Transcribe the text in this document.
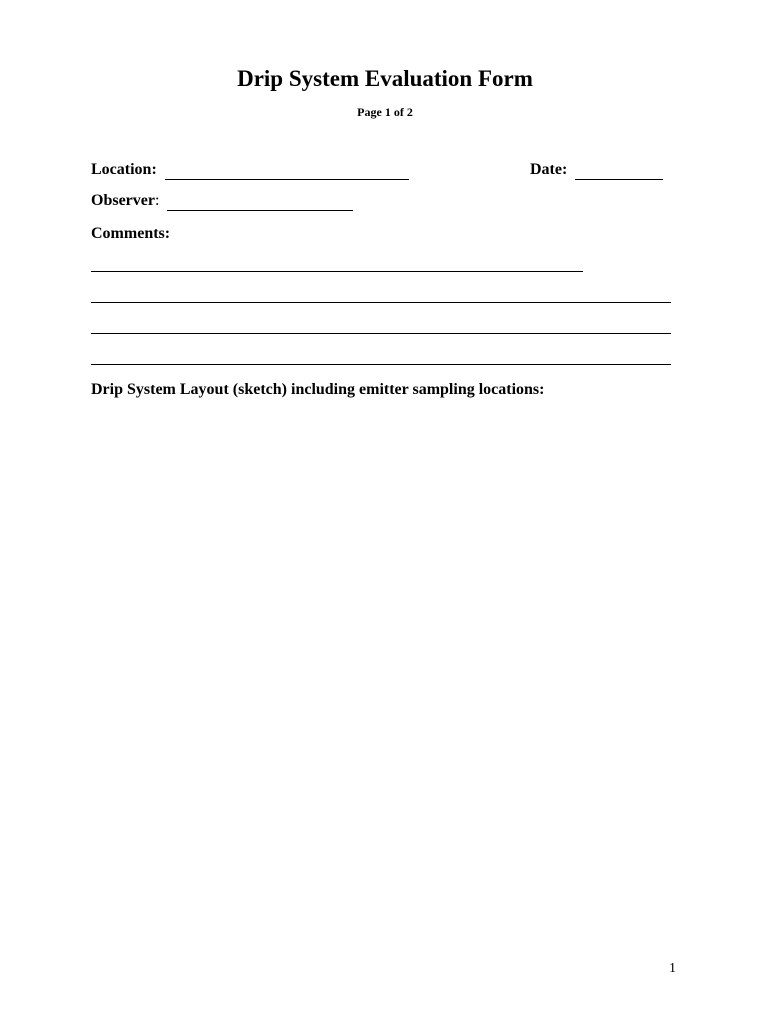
Drip System Evaluation Form
Page 1 of 2
Location:	Date:
Observer:
Comments:
Drip System Layout (sketch) including emitter sampling locations:
1
